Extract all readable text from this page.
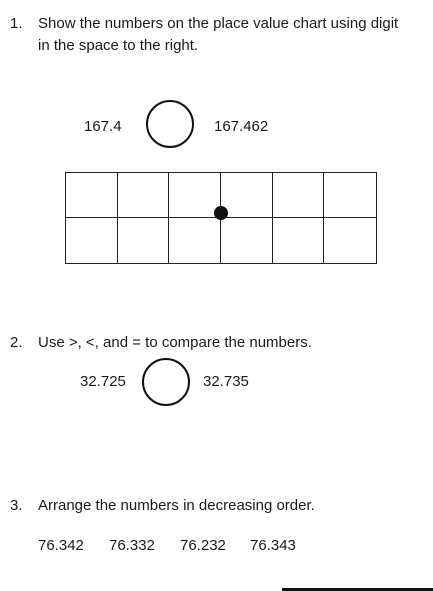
1. Show the numbers on the place value chart using digit
in the space to the right.
167.4	167.462
2. Use >, <, and = to compare the numbers.
32.725	32.735
3. Arrange the numbers in decreasing order.
76.342 76.332 76.232 76.343
